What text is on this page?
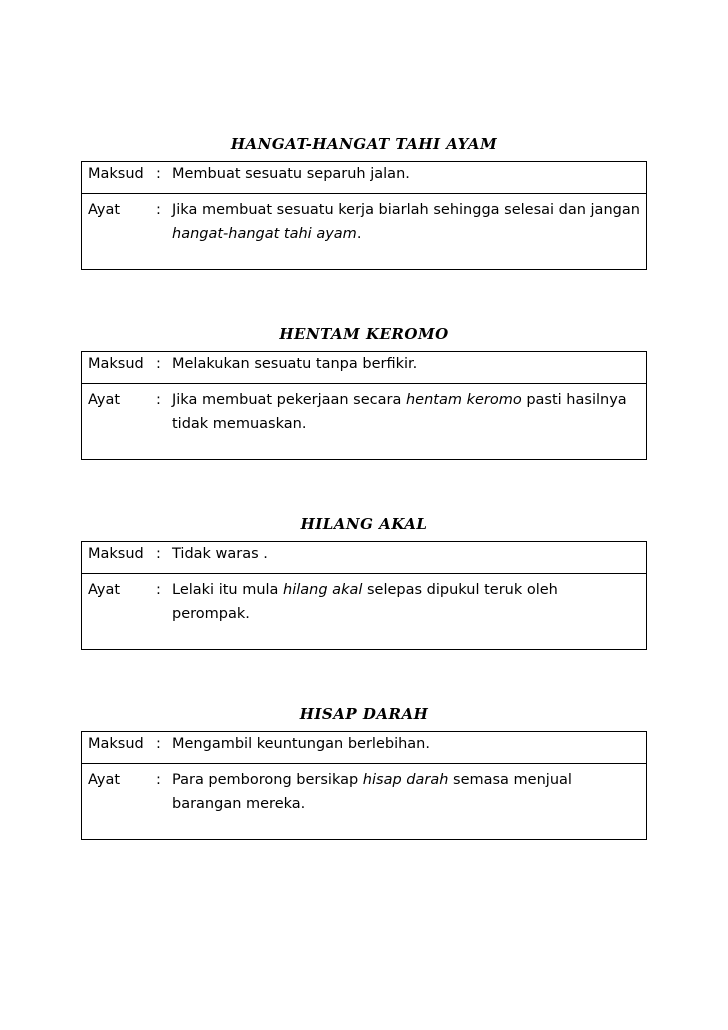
HANGAT-HANGAT TAHI AYAM
Maksud : Membuat sesuatu separuh jalan.
Ayat	: Jika membuat sesuatu kerja biarlah sehingga selesai dan jangan hangat-hangat tahi ayam.
HENTAM KEROMO
Maksud : Melakukan sesuatu tanpa berfikir.
Ayat	: Jika membuat pekerjaan secara hentam keromo pasti hasilnya tidak memuaskan.
HILANG AKAL
Maksud : Tidak waras .
Ayat	: Lelaki itu mula hilang akal selepas dipukul teruk oleh perompak.
HISAP DARAH
Maksud : Mengambil keuntungan berlebihan.
Ayat	: Para pemborong bersikap hisap darah semasa menjual barangan mereka.
